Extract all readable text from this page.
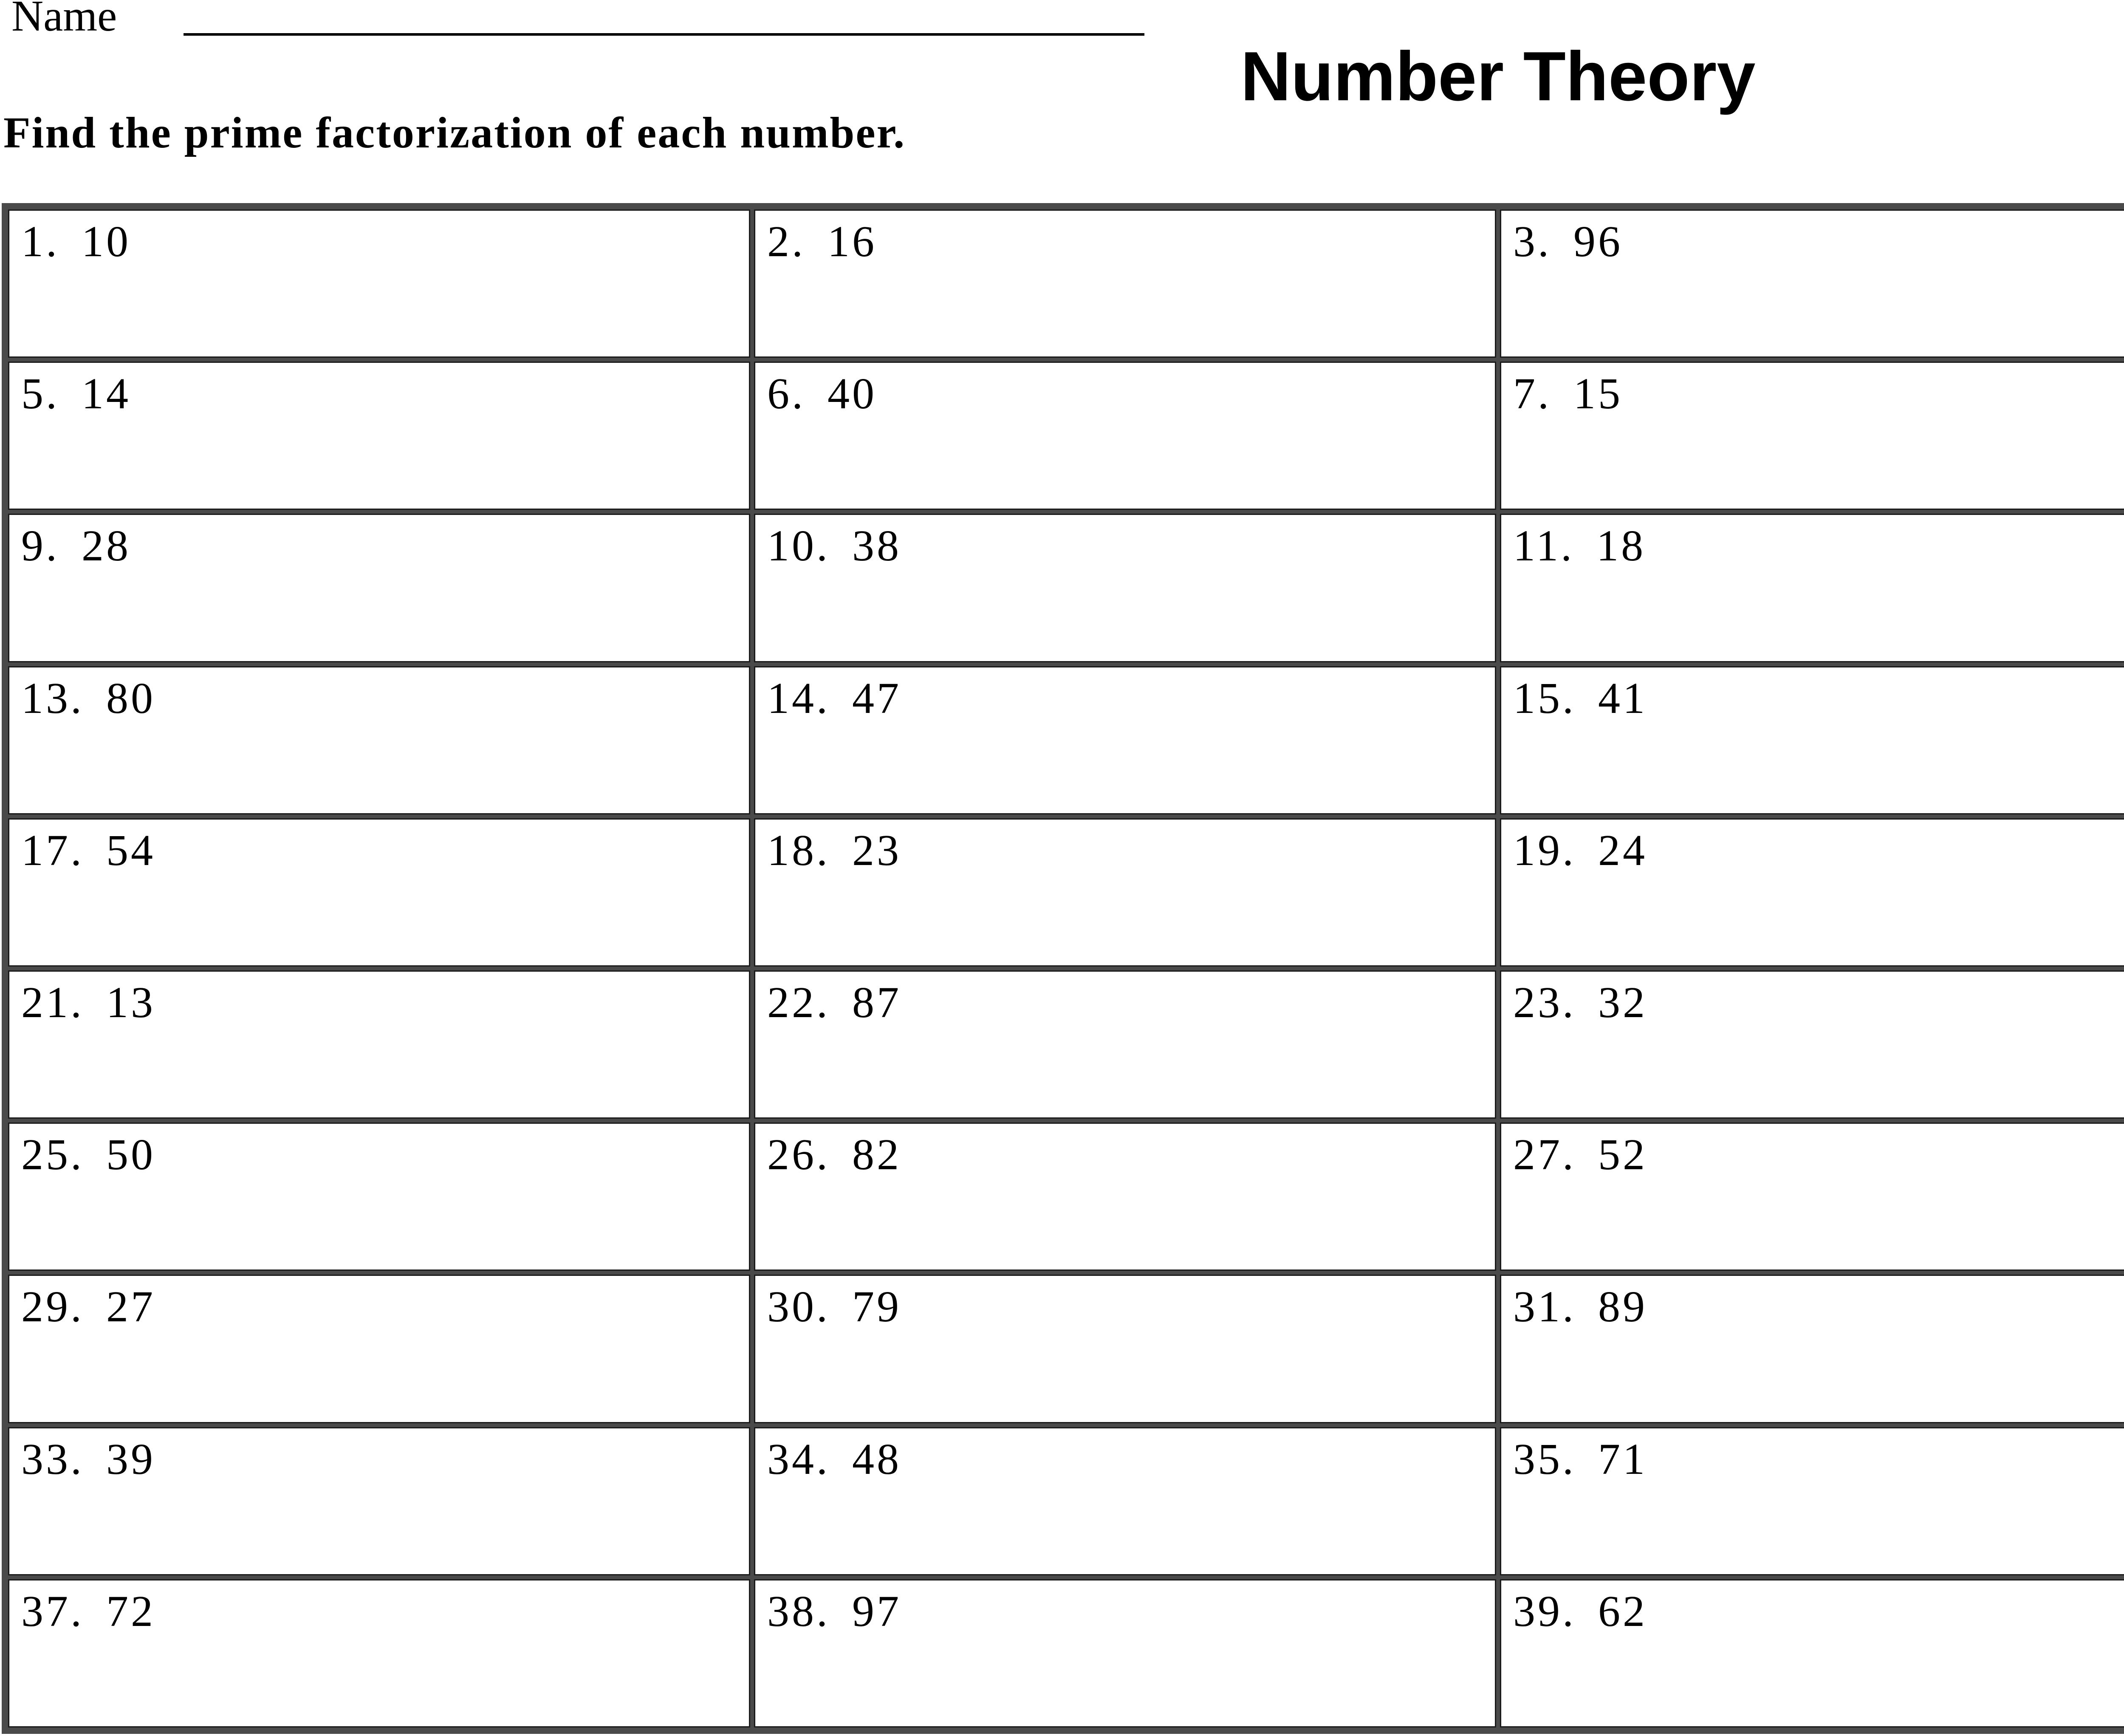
Name
Number Theory
Find the prime factorization of each number.
1. 10	2. 16	3. 96
5. 14	6. 40	7. 15
9. 28	10. 38	11. 18
13. 80	14. 47	15. 41
17. 54	18. 23	19. 24
21. 13	22. 87	23. 32
25. 50	26. 82	27. 52
29. 27	30. 79	31. 89
33. 39	34. 48	35. 71
37. 72	38. 97	39. 62
